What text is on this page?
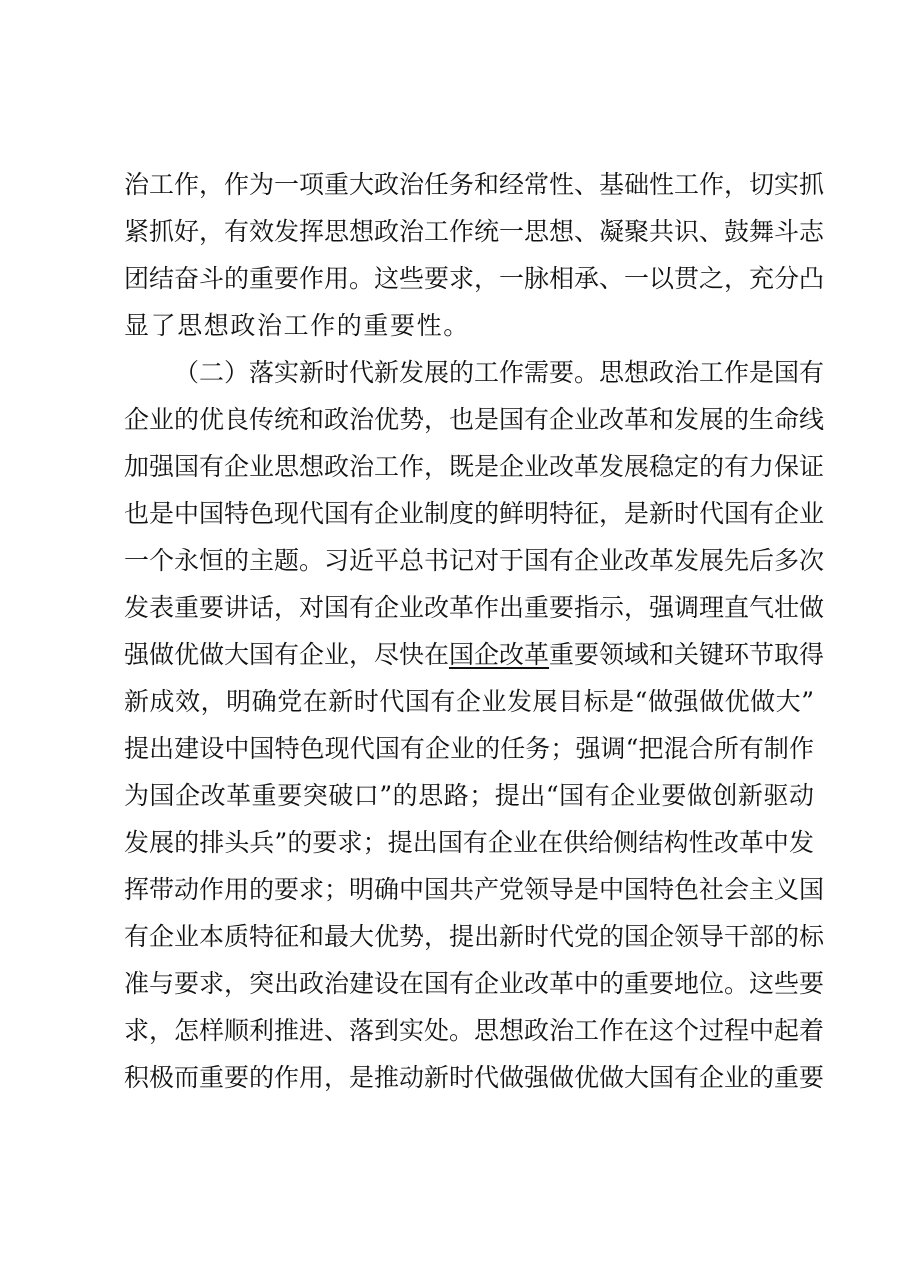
治工作，作为一项重大政治任务和经常性、基础性工作，切实抓
紧抓好，有效发挥思想政治工作统一思想、凝聚共识、鼓舞斗志
团结奋斗的重要作用。这些要求，一脉相承、一以贯之，充分凸
显了思想政治工作的重要性。
（二）落实新时代新发展的工作需要。思想政治工作是国有
企业的优良传统和政治优势，也是国有企业改革和发展的生命线
加强国有企业思想政治工作，既是企业改革发展稳定的有力保证
也是中国特色现代国有企业制度的鲜明特征，是新时代国有企业
一个永恒的主题。习近平总书记对于国有企业改革发展先后多次
发表重要讲话，对国有企业改革作出重要指示，强调理直气壮做
强做优做大国有企业，尽快在国企改革重要领域和关键环节取得
新成效，明确党在新时代国有企业发展目标是“做强做优做大”
提出建设中国特色现代国有企业的任务；强调“把混合所有制作
为国企改革重要突破口”的思路；提出“国有企业要做创新驱动
发展的排头兵”的要求；提出国有企业在供给侧结构性改革中发
挥带动作用的要求；明确中国共产党领导是中国特色社会主义国
有企业本质特征和最大优势，提出新时代党的国企领导干部的标
准与要求，突出政治建设在国有企业改革中的重要地位。这些要
求，怎样顺利推进、落到实处。思想政治工作在这个过程中起着
积极而重要的作用，是推动新时代做强做优做大国有企业的重要
